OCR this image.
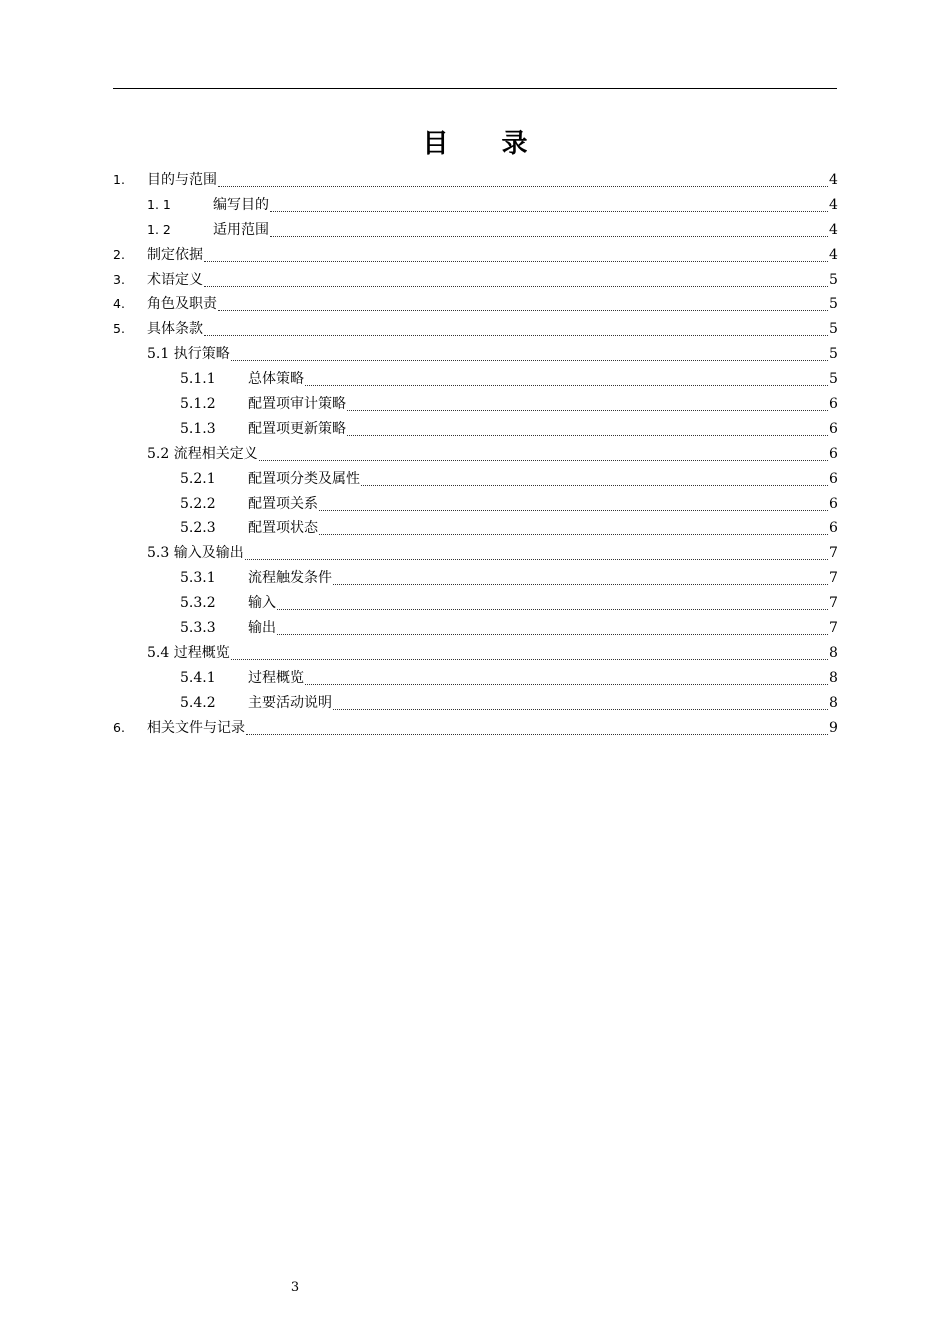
目 录
1.	目的与范围	4
1. 1	编写目的	4
1. 2	适用范围	4
2.	制定依据	4
3.	术语定义	5
4.	角色及职责	5
5.	具体条款	5
5.1 执行策略	5
5.1.1	总体策略	5
5.1.2	配置项审计策略	6
5.1.3	配置项更新策略	6
5.2 流程相关定义	6
5.2.1	配置项分类及属性	6
5.2.2	配置项关系	6
5.2.3	配置项状态	6
5.3 输入及输出	7
5.3.1	流程触发条件	7
5.3.2	输入	7
5.3.3	输出	7
5.4 过程概览	8
5.4.1	过程概览	8
5.4.2	主要活动说明	8
6.	相关文件与记录	9
3
